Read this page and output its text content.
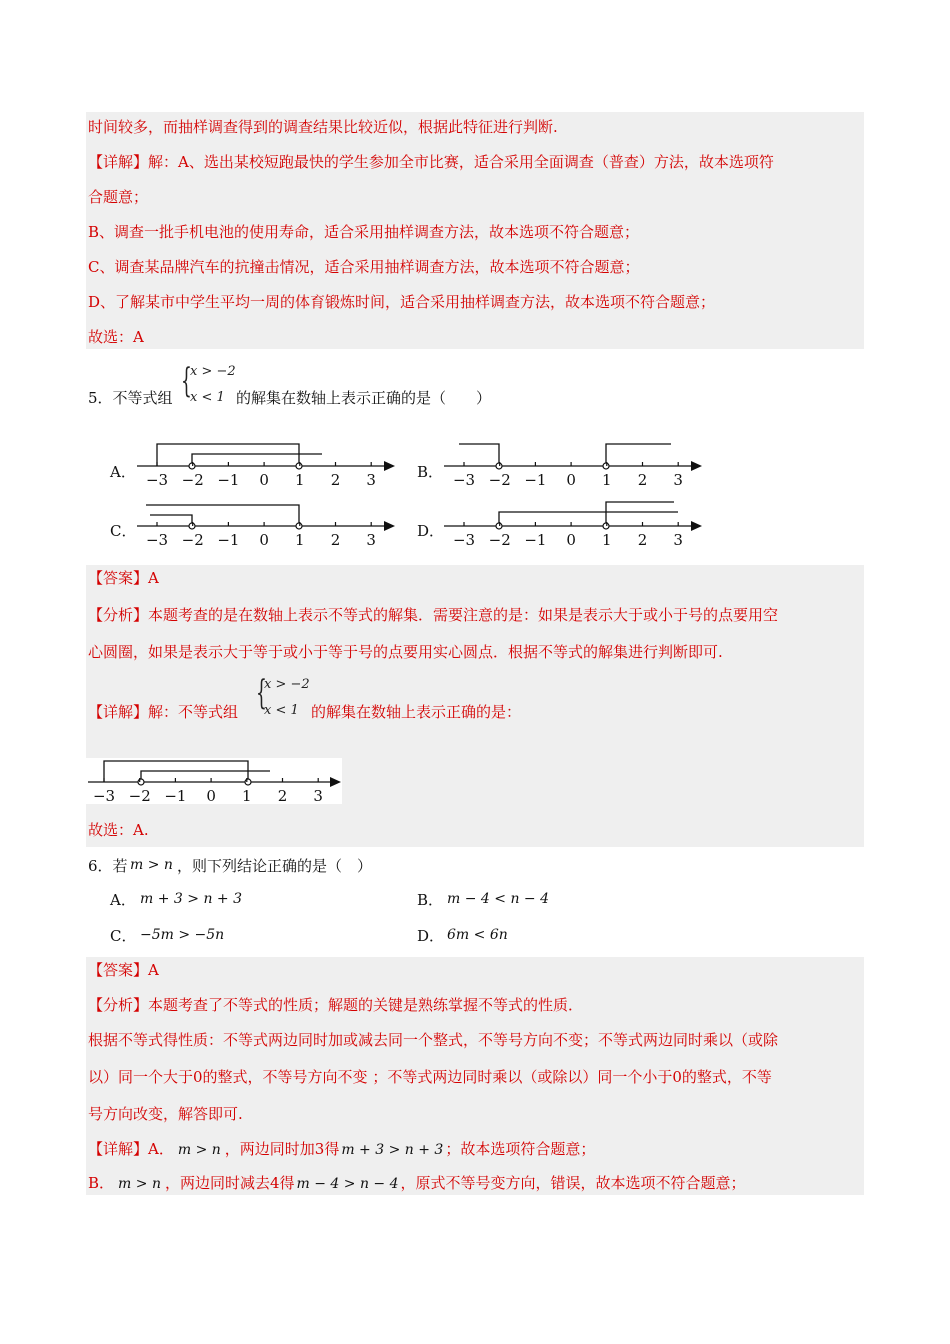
时间较多，而抽样调查得到的调查结果比较近似，根据此特征进行判断.
【详解】解：A、选出某校短跑最快的学生参加全市比赛，适合采用全面调查（普查）方法，故本选项符
合题意；
B、调查一批手机电池的使用寿命，适合采用抽样调查方法，故本选项不符合题意；
C、调查某品牌汽车的抗撞击情况，适合采用抽样调查方法，故本选项不符合题意；
D、了解某市中学生平均一周的体育锻炼时间，适合采用抽样调查方法，故本选项不符合题意；
故选：A
5．不等式组 {
x > −2
x < 1 的解集在数轴上表示正确的是（　　）
A．	B．
C．	D．
−3 −2 −1 0 1 2 3	−3 −2 −1 0 1 2 3
−3 −2 −1 0 1 2 3	−3 −2 −1 0 1 2 3
【答案】A
【分析】本题考查的是在数轴上表示不等式的解集．需要注意的是：如果是表示大于或小于号的点要用空
心圆圈，如果是表示大于等于或小于等于号的点要用实心圆点．根据不等式的解集进行判断即可.
【详解】解：不等式组 {
x > −2
x < 1 的解集在数轴上表示正确的是：
−3 −2 −1 0 1 2 3
故选：A.
6．若 m > n ，则下列结论正确的是（　）
A． m + 3 > n + 3	B． m − 4 < n − 4
C． −5m > −5n	D． 6m < 6n
【答案】A
【分析】本题考查了不等式的性质；解题的关键是熟练掌握不等式的性质．
根据不等式得性质：不等式两边同时加或减去同一个整式，不等号方向不变；不等式两边同时乘以（或除
以）同一个大于0的整式，不等号方向不变 ；不等式两边同时乘以（或除以）同一个小于0的整式，不等
号方向改变，解答即可.
【详解】A． m > n ，两边同时加3得 m + 3 > n + 3 ；故本选项符合题意；
B． m > n ，两边同时减去4得 m − 4 > n − 4 ，原式不等号变方向，错误，故本选项不符合题意；
